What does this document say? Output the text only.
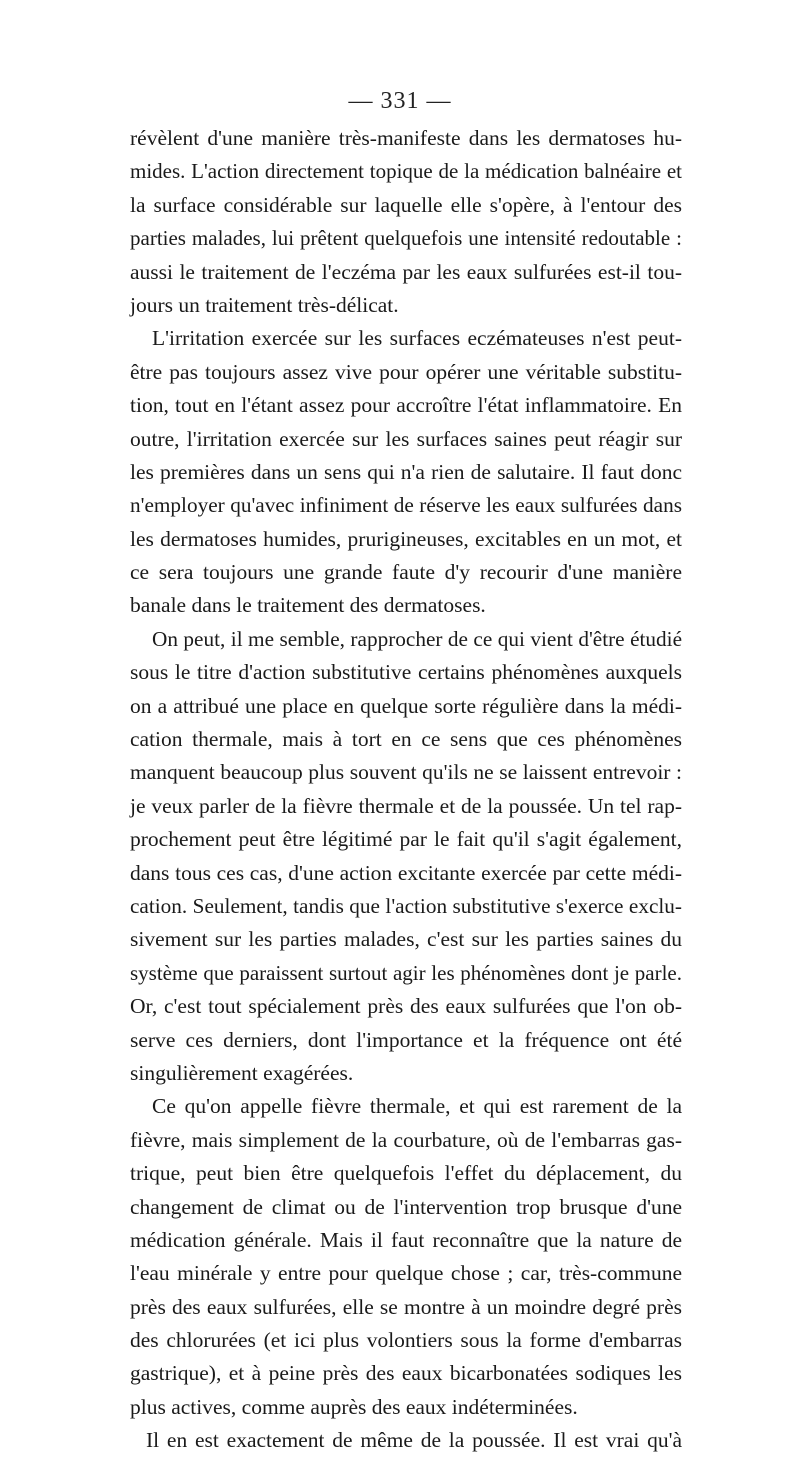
— 331 —
révèlent d'une manière très-manifeste dans les dermatoses hu-
mides. L'action directement topique de la médication balnéaire et
la surface considérable sur laquelle elle s'opère, à l'entour des
parties malades, lui prêtent quelquefois une intensité redoutable :
aussi le traitement de l'eczéma par les eaux sulfurées est-il tou-
jours un traitement très-délicat.
L'irritation exercée sur les surfaces eczémateuses n'est peut-
être pas toujours assez vive pour opérer une véritable substitu-
tion, tout en l'étant assez pour accroître l'état inflammatoire. En
outre, l'irritation exercée sur les surfaces saines peut réagir sur
les premières dans un sens qui n'a rien de salutaire. Il faut donc
n'employer qu'avec infiniment de réserve les eaux sulfurées dans
les dermatoses humides, prurigineuses, excitables en un mot, et
ce sera toujours une grande faute d'y recourir d'une manière
banale dans le traitement des dermatoses.
On peut, il me semble, rapprocher de ce qui vient d'être étudié
sous le titre d'action substitutive certains phénomènes auxquels
on a attribué une place en quelque sorte régulière dans la médi-
cation thermale, mais à tort en ce sens que ces phénomènes
manquent beaucoup plus souvent qu'ils ne se laissent entrevoir :
je veux parler de la fièvre thermale et de la poussée. Un tel rap-
prochement peut être légitimé par le fait qu'il s'agit également,
dans tous ces cas, d'une action excitante exercée par cette médi-
cation. Seulement, tandis que l'action substitutive s'exerce exclu-
sivement sur les parties malades, c'est sur les parties saines du
système que paraissent surtout agir les phénomènes dont je parle.
Or, c'est tout spécialement près des eaux sulfurées que l'on ob-
serve ces derniers, dont l'importance et la fréquence ont été
singulièrement exagérées.
Ce qu'on appelle fièvre thermale, et qui est rarement de la
fièvre, mais simplement de la courbature, où de l'embarras gas-
trique, peut bien être quelquefois l'effet du déplacement, du
changement de climat ou de l'intervention trop brusque d'une
médication générale. Mais il faut reconnaître que la nature de
l'eau minérale y entre pour quelque chose ; car, très-commune
près des eaux sulfurées, elle se montre à un moindre degré près
des chlorurées (et ici plus volontiers sous la forme d'embarras
gastrique), et à peine près des eaux bicarbonatées sodiques les
plus actives, comme auprès des eaux indéterminées.
Il en est exactement de même de la poussée. Il est vrai qu'à
